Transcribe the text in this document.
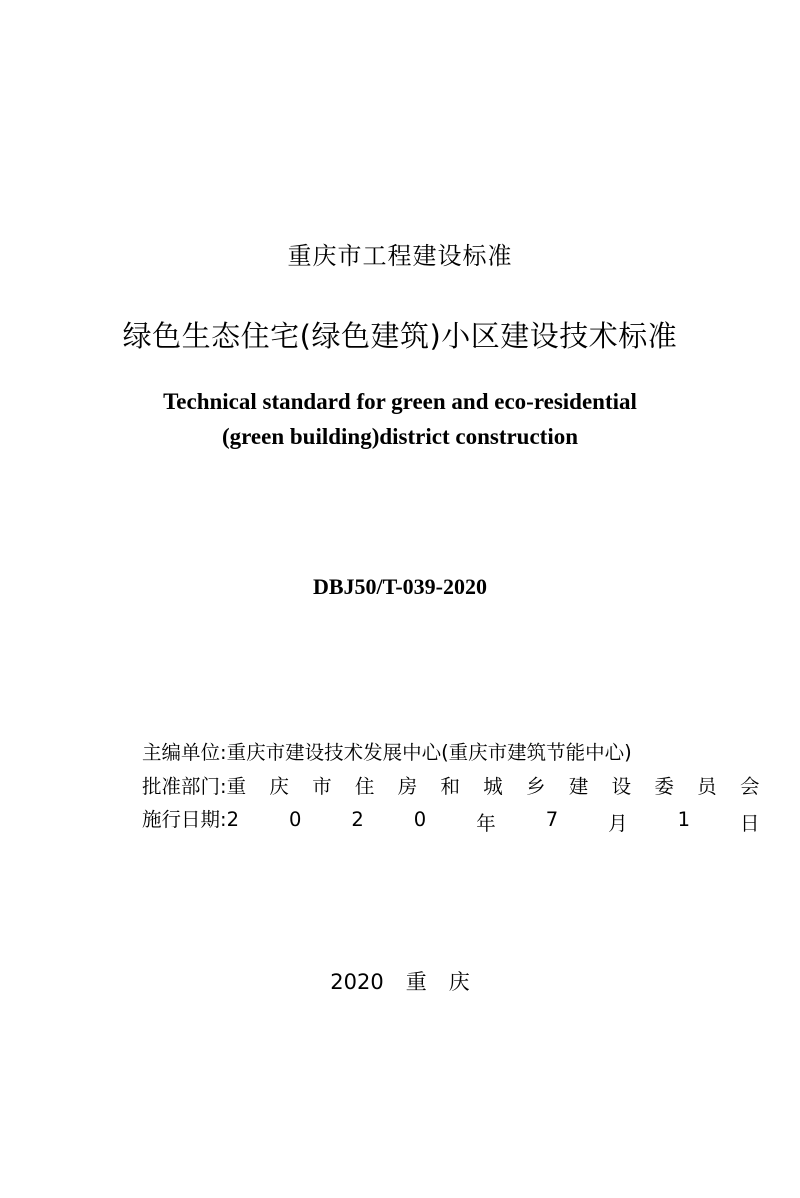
重庆市工程建设标准
绿色生态住宅(绿色建筑)小区建设技术标准
Technical standard for green and eco-residential
(green building)district construction
DBJ50/T-039-2020
主编单位: 重庆市建设技术发展中心(重庆市建筑节能中心)
批准部门: 重 庆 市 住 房 和 城 乡 建 设 委 员 会
施行日期: 2	0	2	0	年	7	月	1	日
2020 重 庆
